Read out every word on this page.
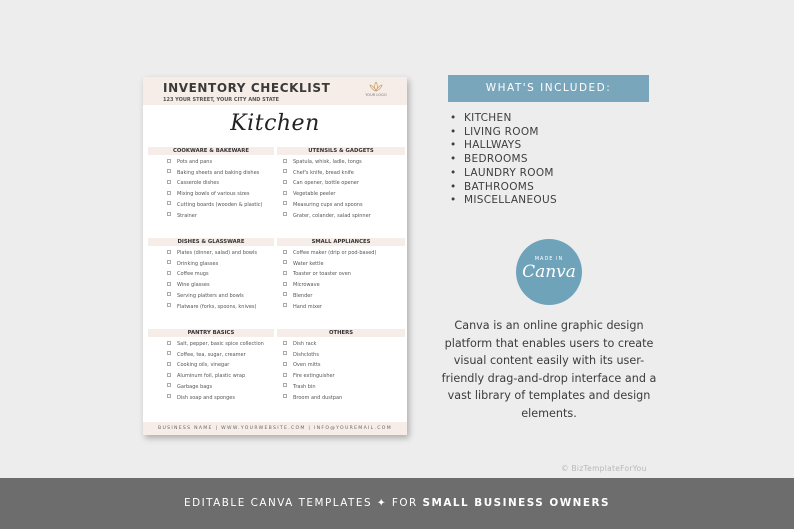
INVENTORY CHECKLIST
123 YOUR STREET, YOUR CITY AND STATE
YOUR LOGO
Kitchen
COOKWARE & BAKEWARE
Pots and pans
Baking sheets and baking dishes
Casserole dishes
Mixing bowls of various sizes
Cutting boards (wooden & plastic)
Strainer
UTENSILS & GADGETS
Spatula, whisk, ladle, tongs
Chef's knife, bread knife
Can opener, bottle opener
Vegetable peeler
Measuring cups and spoons
Grater, colander, salad spinner
DISHES & GLASSWARE
Plates (dinner, salad) and bowls
Drinking glasses
Coffee mugs
Wine glasses
Serving platters and bowls
Flatware (forks, spoons, knives)
SMALL APPLIANCES
Coffee maker (drip or pod-based)
Water kettle
Toaster or toaster oven
Microwave
Blender
Hand mixer
PANTRY BASICS
Salt, pepper, basic spice collection
Coffee, tea, sugar, creamer
Cooking oils, vinegar
Aluminum foil, plastic wrap
Garbage bags
Dish soap and sponges
OTHERS
Dish rack
Dishcloths
Oven mitts
Fire extinguisher
Trash bin
Broom and dustpan
BUSINESS NAME | WWW.YOURWEBSITE.COM | INFO@YOUREMAIL.COM
WHAT'S INCLUDED:
• KITCHEN
• LIVING ROOM
• HALLWAYS
• BEDROOMS
• LAUNDRY ROOM
• BATHROOMS
• MISCELLANEOUS
MADE IN
Canva
Canva is an online graphic design platform that enables users to create visual content easily with its user-friendly drag-and-drop interface and a vast library of templates and design elements.
© BizTemplateForYou
EDITABLE CANVA TEMPLATES ✦ FOR SMALL BUSINESS OWNERS
